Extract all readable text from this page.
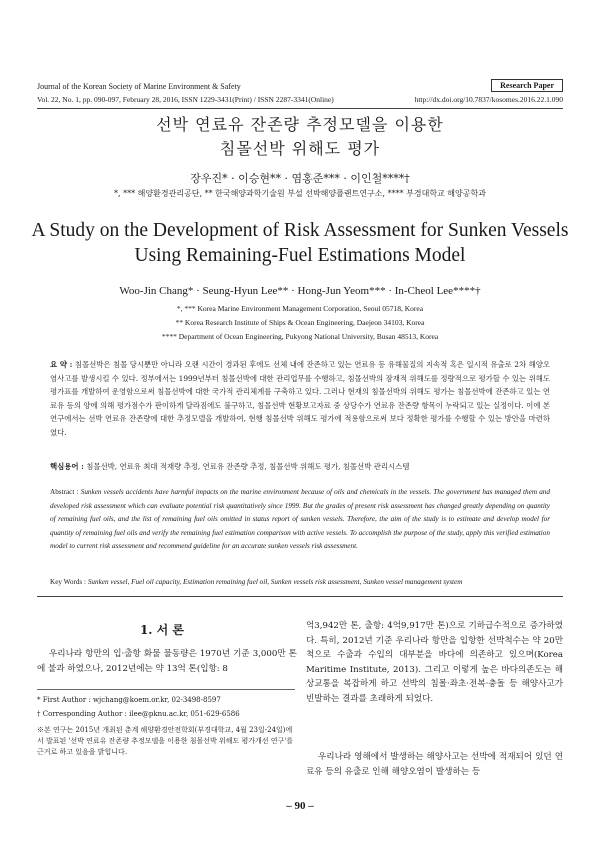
Journal of the Korean Society of Marine Environment & Safety	Research Paper
Vol. 22, No. 1, pp. 090-097, February 28, 2016, ISSN 1229-3431(Print) / ISSN 2287-3341(Online)	http://dx.doi.org/10.7837/kosomes.2016.22.1.090
선박 연료유 잔존량 추정모델을 이용한
침몰선박 위해도 평가
장우진* · 이승현** · 염홍준*** · 이인철****†
*, *** 해양환경관리공단, ** 한국해양과학기술원 부설 선박해양플랜트연구소, **** 부경대학교 해양공학과
A Study on the Development of Risk Assessment for Sunken Vessels
Using Remaining-Fuel Estimations Model
Woo-Jin Chang* · Seung-Hyun Lee** · Hong-Jun Yeom*** · In-Cheol Lee****†
*, *** Korea Marine Environment Management Corporation, Seoul 05718, Korea
** Korea Research Institute of Ships & Ocean Engineering, Daejeon 34103, Korea
**** Department of Ocean Engineering, Pukyong National University, Busan 48513, Korea
요 약 : 침몰선박은 침몰 당시뿐만 아니라 오랜 시간이 경과된 후에도 선체 내에 잔존하고 있는 연료유 등 유해물질의 지속적 혹은 일시적 유출로 2차 해양오염사고를 발생시킬 수 있다. 정부에서는 1999년부터 침몰선박에 대한 관리업무를 수행하고, 침몰선박의 잠재적 위해도를 정량적으로 평가할 수 있는 위해도 평가표를 개발하여 운영함으로써 침몰선박에 대한 국가적 관리체계를 구축하고 있다. 그러나 현재의 침몰선박의 위해도 평가는 침몰선박에 잔존하고 있는 연료유 등의 양에 의해 평가점수가 판이하게 달라짐에도 불구하고, 침몰선박 현황보고자료 중 상당수가 연료유 잔존량 항목이 누락되고 있는 실정이다. 이에 본 연구에서는 선박 연료유 잔존량에 대한 추정모델을 개발하여, 현행 침몰선박 위해도 평가에 적용함으로써 보다 정확한 평가를 수행할 수 있는 방안을 마련하였다.
핵심용어 : 침몰선박, 연료유 최대 적재량 추정, 연료유 잔존량 추정, 침몰선박 위해도 평가, 침몰선박 관리시스템
Abstract : Sunken vessels accidents have harmful impacts on the marine environment because of oils and chemicals in the vessels. The government has managed them and developed risk assessment which can evaluate potential risk quantitatively since 1999. But the grades of present risk assessment has changed greatly depending on quantity of remaining fuel oils, and the list of remaining fuel oils omitted in status report of sunken vessels. Therefore, the aim of the study is to estimate and develop model for quantity of remaining fuel oils and verify the remaining fuel estimation comparison with active vessels. To accomplish the purpose of the study, apply this verified estimation model to current risk assessment and recommend guideline for an accurate sunken vessels risk assessment.
Key Words : Sunken vessel, Fuel oil capacity, Estimation remaining fuel oil, Sunken vessels risk assessment, Sunken vessel management system
1. 서 론
우리나라 항만의 입·출항 화물 물동량은 1970년 기준 3,000만 톤에 불과 하였으나, 2012년에는 약 13억 톤(입항: 8
* First Author : wjchang@koem.or.kr, 02-3498-8597
† Corresponding Author : ilee@pknu.ac.kr, 051-629-6586
※본 연구는 2015년 개최된 춘계 해양환경안전학회(부경대학교, 4월 23일-24일)에서 발표된 '선박 연료유 잔존량 추정모델을 이용한 침몰선박 위해도 평가개선 연구'를 근거로 하고 있음을 밝힙니다.
억3,942만 톤, 출항: 4억9,917만 톤)으로 기하급수적으로 증가하였다. 특히, 2012년 기준 우리나라 항만을 입항한 선박척수는 약 20만척으로 수출과 수입의 대부분을 바다에 의존하고 있으며(Korea Maritime Institute, 2013). 그리고 이렇게 높은 바다의존도는 해상교통을 복잡하게 하고 선박의 침몰·좌초·전복·충돌 등 해양사고가 빈발하는 결과를 초래하게 되었다.
우리나라 영해에서 발생하는 해양사고는 선박에 적재되어 있던 연료유 등의 유출로 인해 해양오염이 발생하는 등
– 90 –
